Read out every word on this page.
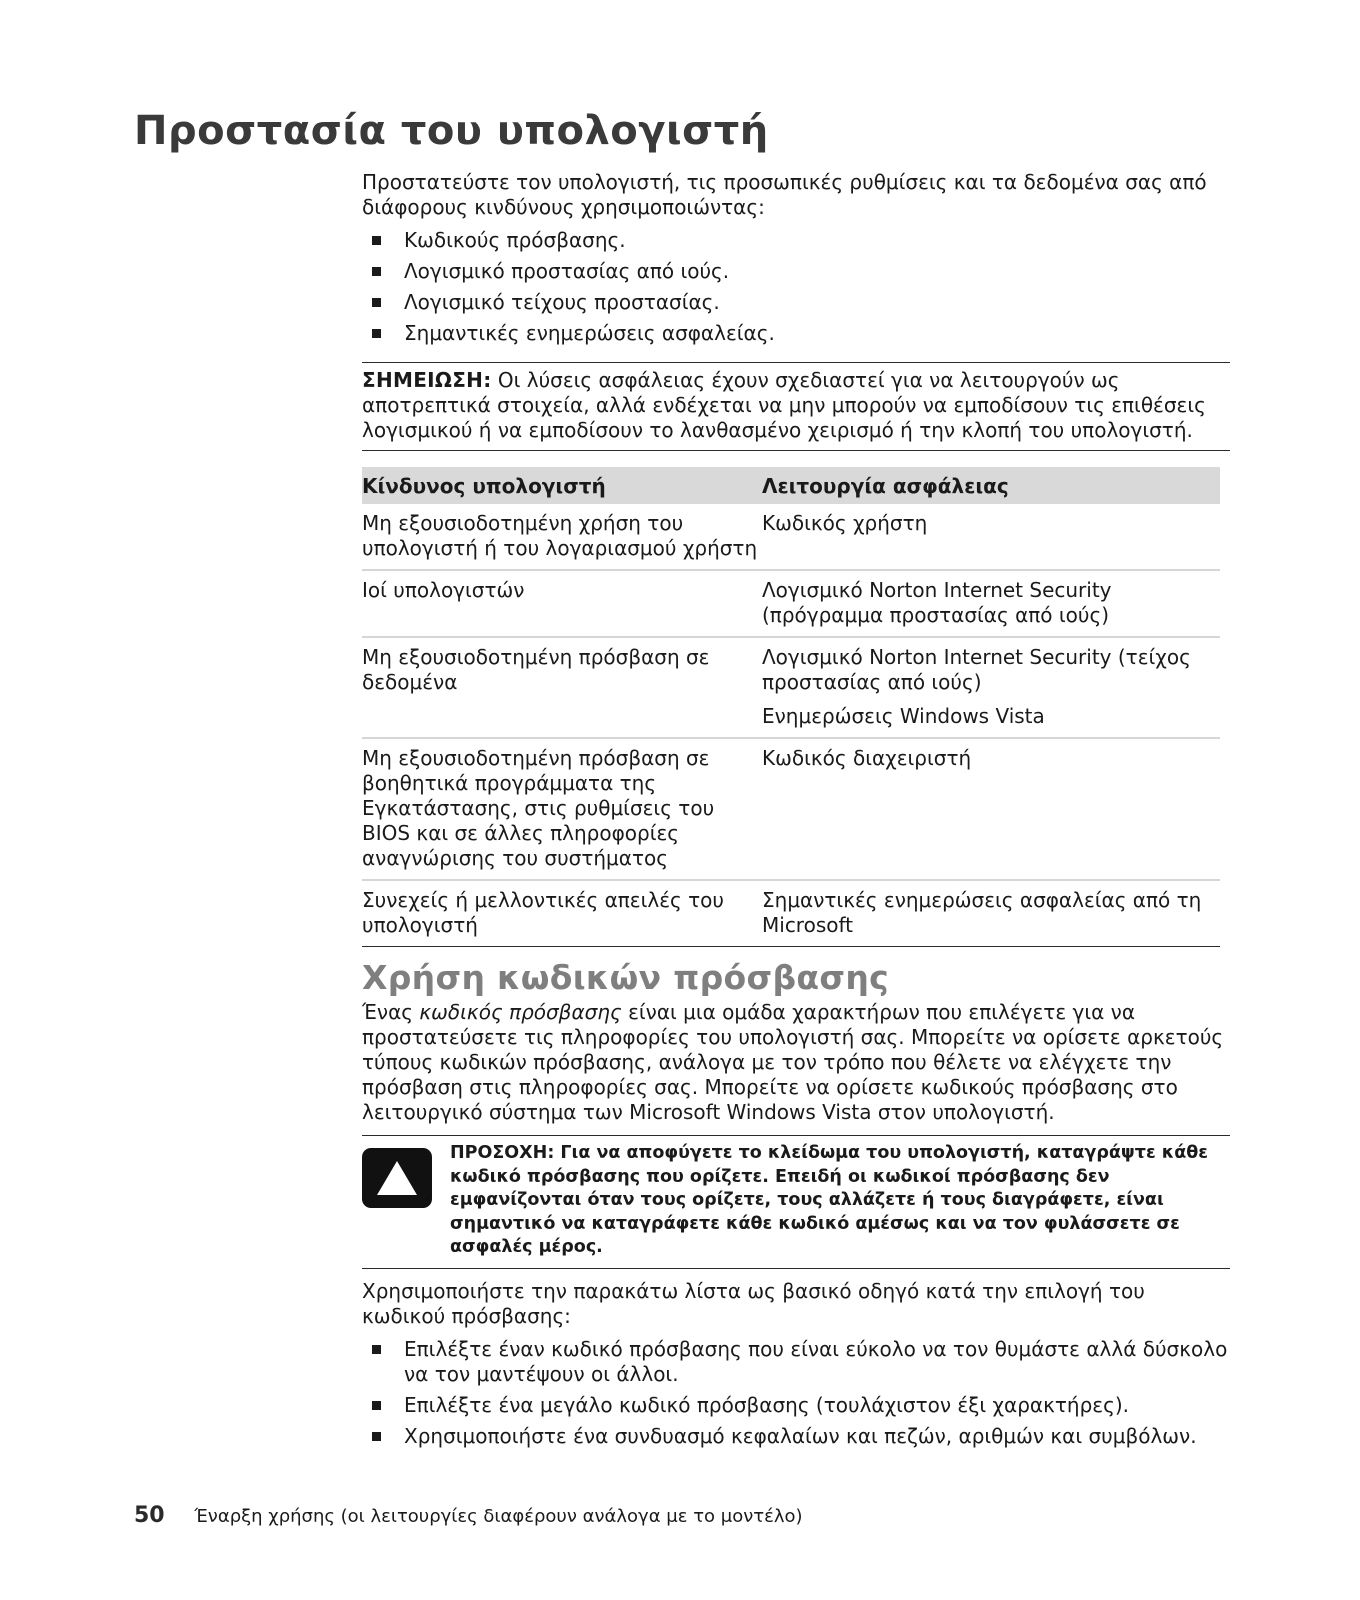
Προστασία του υπολογιστή

Προστατεύστε τον υπολογιστή, τις προσωπικές ρυθμίσεις και τα δεδομένα σας από διάφορους κινδύνους χρησιμοποιώντας:

Κωδικούς πρόσβασης.
Λογισμικό προστασίας από ιούς.
Λογισμικό τείχους προστασίας.
Σημαντικές ενημερώσεις ασφαλείας.
ΣΗΜΕΙΩΣΗ: Οι λύσεις ασφάλειας έχουν σχεδιαστεί για να λειτουργούν ως αποτρεπτικά στοιχεία, αλλά ενδέχεται να μην μπορούν να εμποδίσουν τις επιθέσεις λογισμικού ή να εμποδίσουν το λανθασμένο χειρισμό ή την κλοπή του υπολογιστή.
Κίνδυνος υπολογιστή	Λειτουργία ασφάλειας
Μη εξουσιοδοτημένη χρήση του υπολογιστή ή του λογαριασμού χρήστη	Κωδικός χρήστη
Ιοί υπολογιστών	Λογισμικό Norton Internet Security (πρόγραμμα προστασίας από ιούς)
Μη εξουσιοδοτημένη πρόσβαση σε δεδομένα	Λογισμικό Norton Internet Security (τείχος προστασίας από ιούς)
Ενημερώσεις Windows Vista

Μη εξουσιοδοτημένη πρόσβαση σε βοηθητικά προγράμματα της Εγκατάστασης, στις ρυθμίσεις του BIOS και σε άλλες πληροφορίες αναγνώρισης του συστήματος	Κωδικός διαχειριστή
Συνεχείς ή μελλοντικές απειλές του υπολογιστή	Σημαντικές ενημερώσεις ασφαλείας από τη Microsoft
Χρήση κωδικών πρόσβασης

Ένας κωδικός πρόσβασης είναι μια ομάδα χαρακτήρων που επιλέγετε για να προστατεύσετε τις πληροφορίες του υπολογιστή σας. Μπορείτε να ορίσετε αρκετούς τύπους κωδικών πρόσβασης, ανάλογα με τον τρόπο που θέλετε να ελέγχετε την πρόσβαση στις πληροφορίες σας. Μπορείτε να ορίσετε κωδικούς πρόσβασης στο λειτουργικό σύστημα των Microsoft Windows Vista στον υπολογιστή.

ΠΡΟΣΟΧΗ: Για να αποφύγετε το κλείδωμα του υπολογιστή, καταγράψτε κάθε κωδικό πρόσβασης που ορίζετε. Επειδή οι κωδικοί πρόσβασης δεν εμφανίζονται όταν τους ορίζετε, τους αλλάζετε ή τους διαγράφετε, είναι σημαντικό να καταγράφετε κάθε κωδικό αμέσως και να τον φυλάσσετε σε ασφαλές μέρος.

Χρησιμοποιήστε την παρακάτω λίστα ως βασικό οδηγό κατά την επιλογή του κωδικού πρόσβασης:

Επιλέξτε έναν κωδικό πρόσβασης που είναι εύκολο να τον θυμάστε αλλά δύσκολο να τον μαντέψουν οι άλλοι.
Επιλέξτε ένα μεγάλο κωδικό πρόσβασης (τουλάχιστον έξι χαρακτήρες).
Χρησιμοποιήστε ένα συνδυασμό κεφαλαίων και πεζών, αριθμών και συμβόλων.
50 Έναρξη χρήσης (οι λειτουργίες διαφέρουν ανάλογα με το μοντέλο)
